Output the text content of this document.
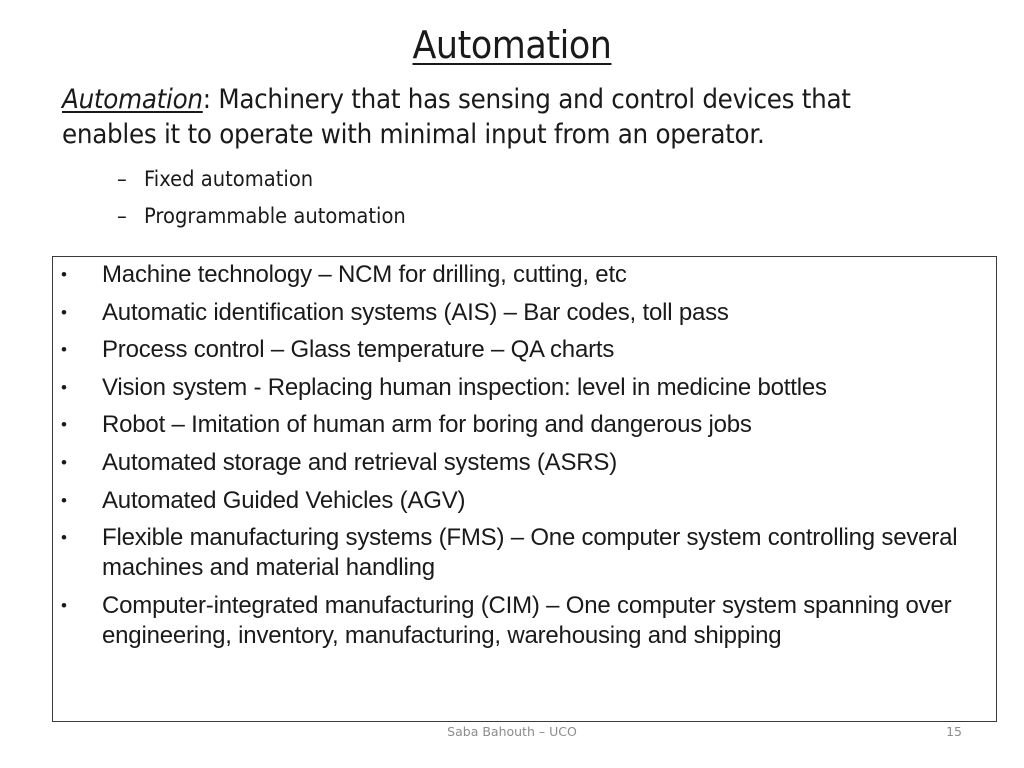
Automation
Automation: Machinery that has sensing and control devices that enables it to operate with minimal input from an operator.
– Fixed automation
– Programmable automation
• Machine technology – NCM for drilling, cutting, etc
• Automatic identification systems (AIS) – Bar codes, toll pass
• Process control – Glass temperature – QA charts
• Vision system - Replacing human inspection: level in medicine bottles
• Robot – Imitation of human arm for boring and dangerous jobs
• Automated storage and retrieval systems (ASRS)
• Automated Guided Vehicles (AGV)
• Flexible manufacturing systems (FMS) – One computer system controlling several machines and material handling
• Computer-integrated manufacturing (CIM) – One computer system spanning over engineering, inventory, manufacturing, warehousing and shipping
Saba Bahouth – UCO	15
